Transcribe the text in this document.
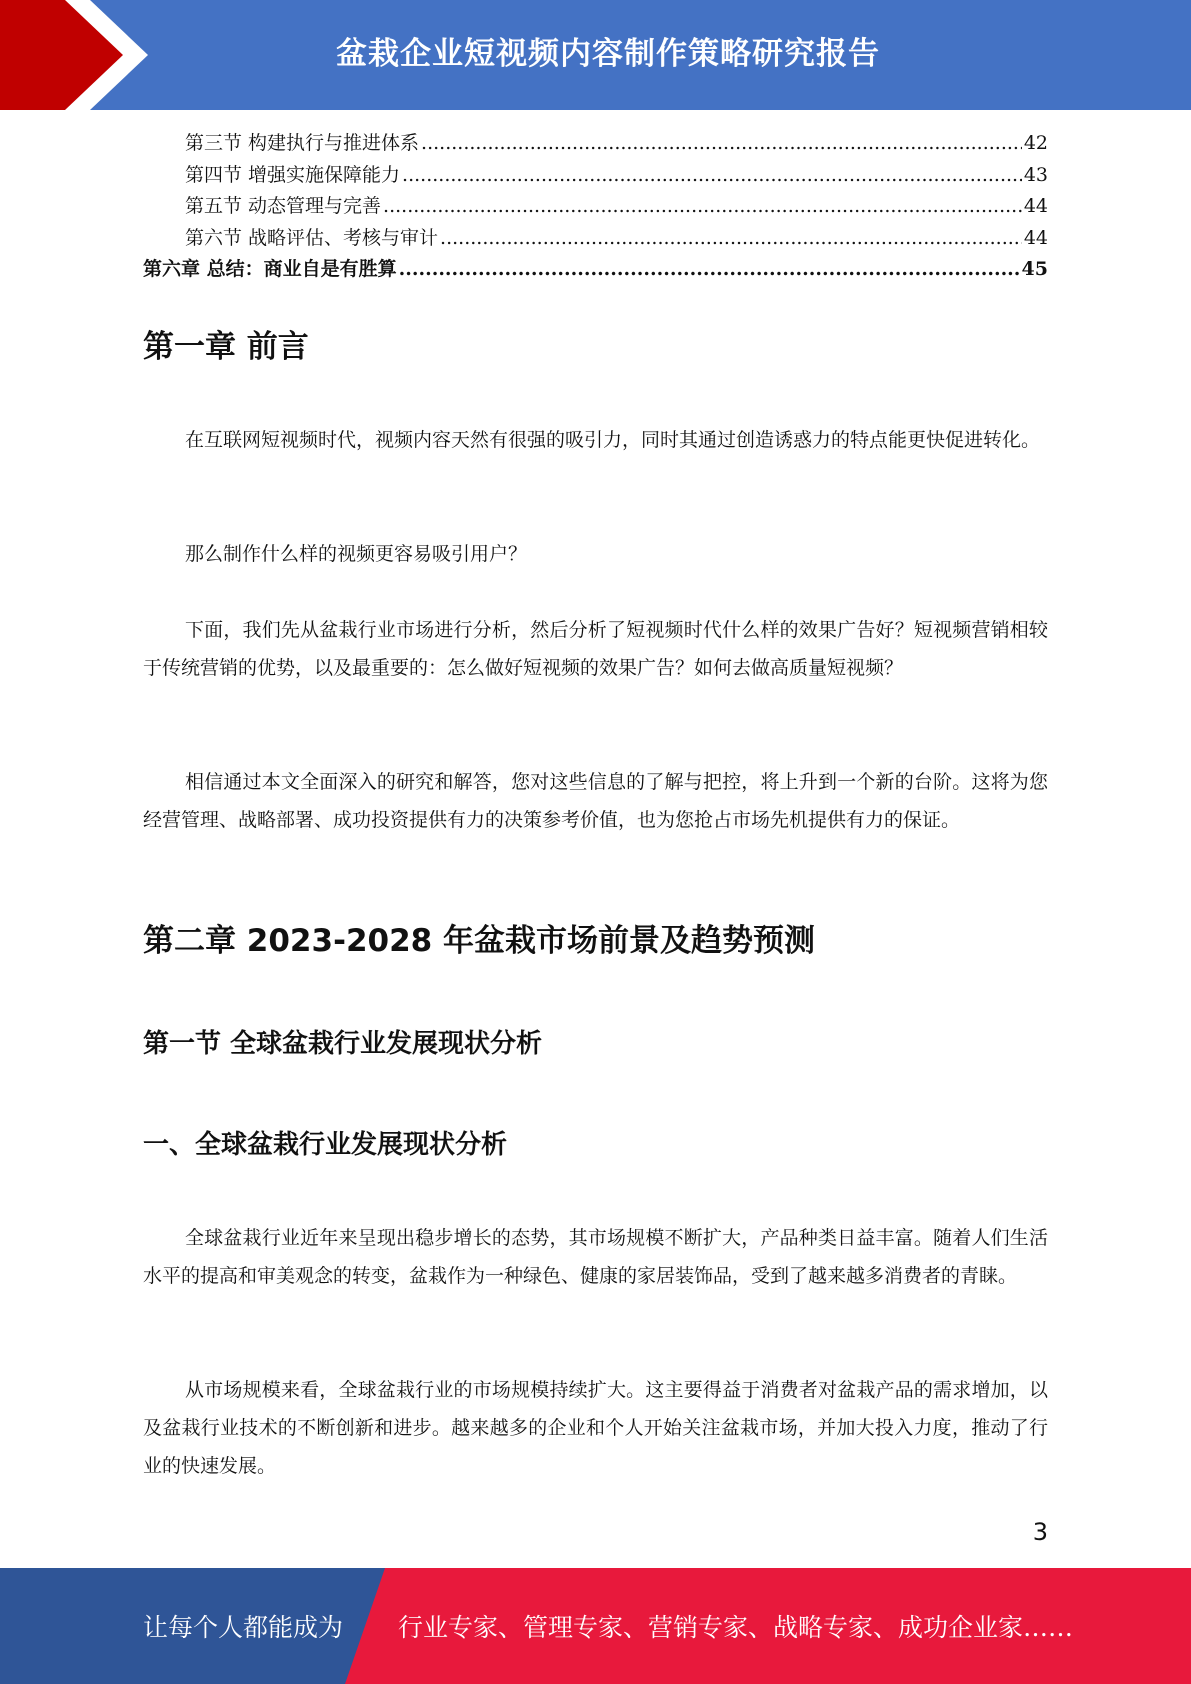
盆栽企业短视频内容制作策略研究报告
第三节 构建执行与推进体系 .....	42
第四节 增强实施保障能力 .....	43
第五节 动态管理与完善 .....	44
第六节 战略评估、考核与审计 .....	44
第六章 总结：商业自是有胜算 .....	45
第一章 前言

在互联网短视频时代，视频内容天然有很强的吸引力，同时其通过创造诱惑力的特点能更快促进转化。

那么制作什么样的视频更容易吸引用户？

下面，我们先从盆栽行业市场进行分析，然后分析了短视频时代什么样的效果广告好？短视频营销相较于传统营销的优势，以及最重要的：怎么做好短视频的效果广告？如何去做高质量短视频？

相信通过本文全面深入的研究和解答，您对这些信息的了解与把控，将上升到一个新的台阶。这将为您经营管理、战略部署、成功投资提供有力的决策参考价值，也为您抢占市场先机提供有力的保证。

第二章 2023-2028 年盆栽市场前景及趋势预测
第一节 全球盆栽行业发展现状分析
一、全球盆栽行业发展现状分析

全球盆栽行业近年来呈现出稳步增长的态势，其市场规模不断扩大，产品种类日益丰富。随着人们生活水平的提高和审美观念的转变，盆栽作为一种绿色、健康的家居装饰品，受到了越来越多消费者的青睐。

从市场规模来看，全球盆栽行业的市场规模持续扩大。这主要得益于消费者对盆栽产品的需求增加，以及盆栽行业技术的不断创新和进步。越来越多的企业和个人开始关注盆栽市场，并加大投入力度，推动了行业的快速发展。

3
让每个人都能成为 行业专家、管理专家、营销专家、战略专家、成功企业家……
